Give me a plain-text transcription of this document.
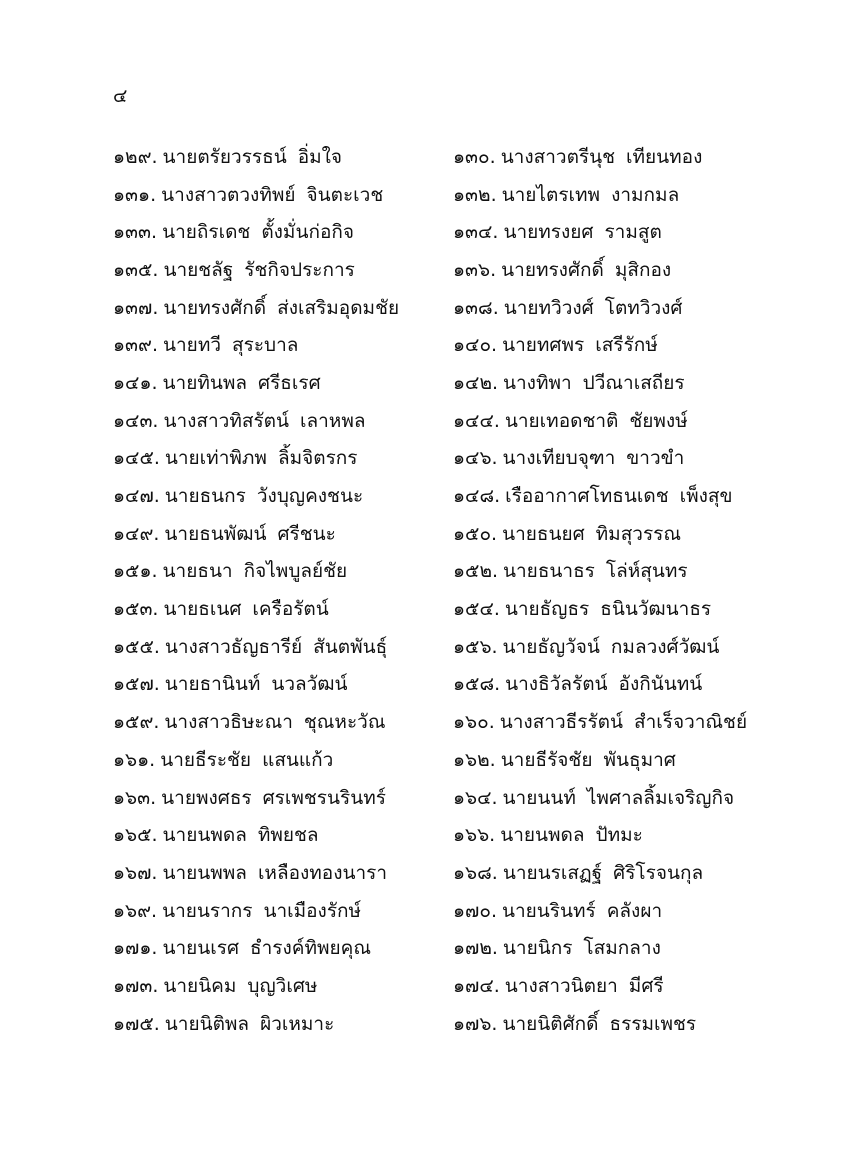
๔
๑๒๙. นาย ตรัยวรรธน์ อิ่มใจ	๑๓๐. นางสาว ตรีนุช เทียนทอง
๑๓๑. นางสาว ตวงทิพย์ จินตะเวช	๑๓๒. นาย ไตรเทพ งามกมล
๑๓๓. นาย ถิรเดช ตั้งมั่นก่อกิจ	๑๓๔. นาย ทรงยศ รามสูต
๑๓๕. นาย ชลัฐ รัชกิจประการ	๑๓๖. นาย ทรงศักดิ์ มุสิกอง
๑๓๗. นาย ทรงศักดิ์ ส่งเสริมอุดมชัย	๑๓๘. นาย ทวิวงศ์ โตทวิวงศ์
๑๓๙. นาย ทวี สุระบาล	๑๔๐. นาย ทศพร เสรีรักษ์
๑๔๑. นาย ทินพล ศรีธเรศ	๑๔๒. นาง ทิพา ปวีณาเสถียร
๑๔๓. นางสาว ทิสรัตน์ เลาหพล	๑๔๔. นาย เทอดชาติ ชัยพงษ์
๑๔๕. นาย เท่าพิภพ ลิ้มจิตรกร	๑๔๖. นาง เทียบจุฑา ขาวขำ
๑๔๗. นาย ธนกร วังบุญคงชนะ	๑๔๘. เรืออากาศโท ธนเดช เพ็งสุข
๑๔๙. นาย ธนพัฒน์ ศรีชนะ	๑๕๐. นาย ธนยศ ทิมสุวรรณ
๑๕๑. นาย ธนา กิจไพบูลย์ชัย	๑๕๒. นาย ธนาธร โล่ห์สุนทร
๑๕๓. นาย ธเนศ เครือรัตน์	๑๕๔. นาย ธัญธร ธนินวัฒนาธร
๑๕๕. นางสาว ธัญธารีย์ สันตพันธุ์	๑๕๖. นาย ธัญวัจน์ กมลวงศ์วัฒน์
๑๕๗. นาย ธานินท์ นวลวัฒน์	๑๕๘. นาง ธิวัลรัตน์ อังกินันทน์
๑๕๙. นางสาว ธิษะณา ชุณหะวัณ	๑๖๐. นางสาว ธีรรัตน์ สำเร็จวาณิชย์
๑๖๑. นาย ธีระชัย แสนแก้ว	๑๖๒. นาย ธีรัจชัย พันธุมาศ
๑๖๓. นาย พงศธร ศรเพชรนรินทร์	๑๖๔. นาย นนท์ ไพศาลลิ้มเจริญกิจ
๑๖๕. นาย นพดล ทิพยชล	๑๖๖. นาย นพดล ปัทมะ
๑๖๗. นาย นพพล เหลืองทองนารา	๑๖๘. นาย นรเสฏฐ์ ศิริโรจนกุล
๑๖๙. นาย นรากร นาเมืองรักษ์	๑๗๐. นาย นรินทร์ คลังผา
๑๗๑. นาย นเรศ ธำรงค์ทิพยคุณ	๑๗๒. นาย นิกร โสมกลาง
๑๗๓. นาย นิคม บุญวิเศษ	๑๗๔. นางสาว นิตยา มีศรี
๑๗๕. นาย นิติพล ผิวเหมาะ	๑๗๖. นาย นิติศักดิ์ ธรรมเพชร
